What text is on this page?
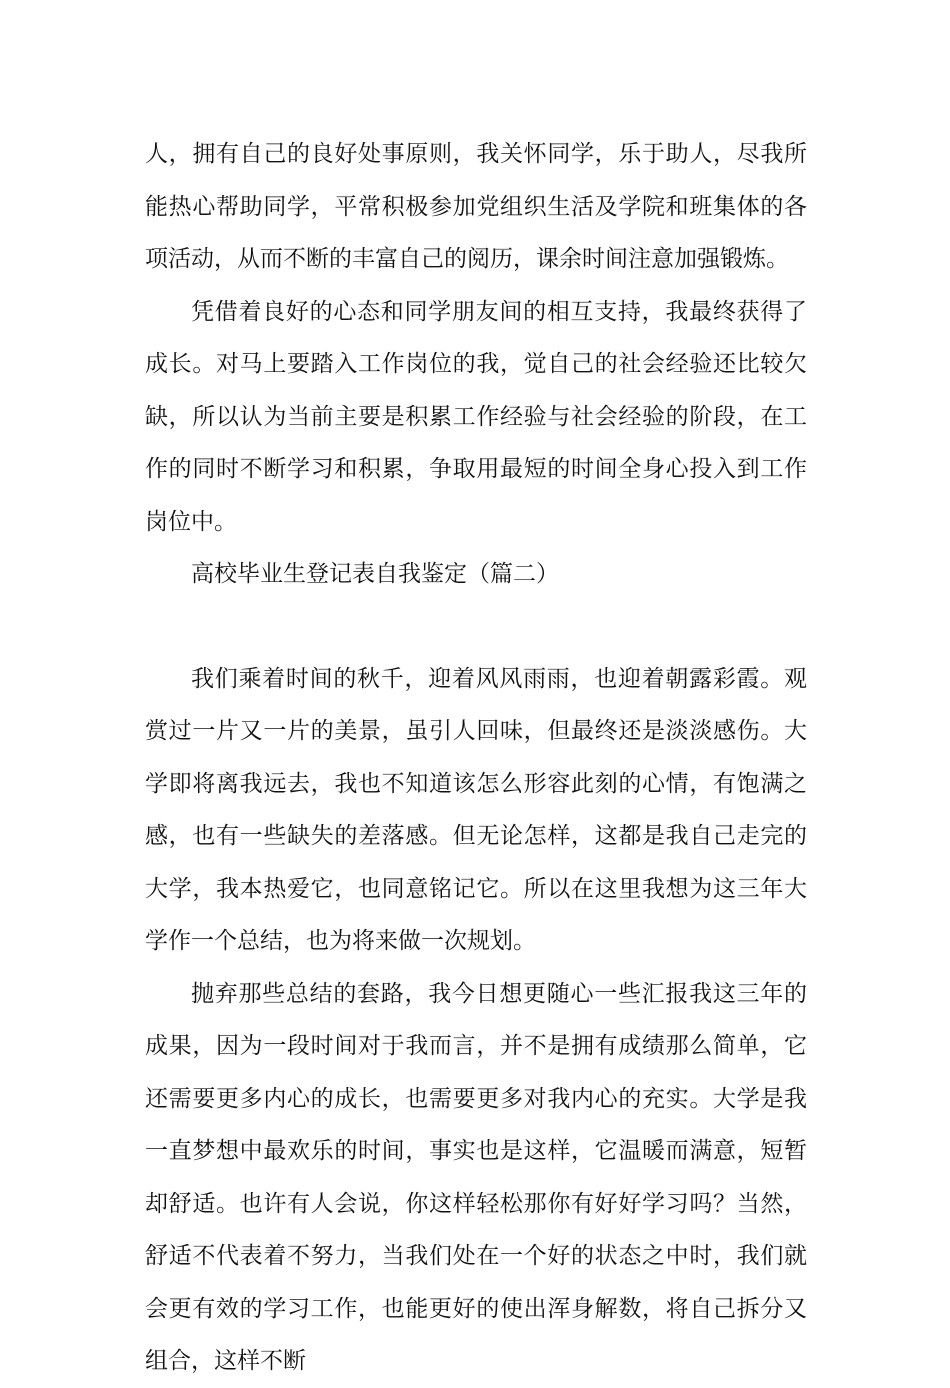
人，拥有自己的良好处事原则，我关怀同学，乐于助人，尽我所能热心帮助同学，平常积极参加党组织生活及学院和班集体的各项活动，从而不断的丰富自己的阅历，课余时间注意加强锻炼。

凭借着良好的心态和同学朋友间的相互支持，我最终获得了成长。对马上要踏入工作岗位的我，觉自己的社会经验还比较欠缺，所以认为当前主要是积累工作经验与社会经验的阶段，在工作的同时不断学习和积累，争取用最短的时间全身心投入到工作岗位中。

高校毕业生登记表自我鉴定（篇二）

我们乘着时间的秋千，迎着风风雨雨，也迎着朝露彩霞。观赏过一片又一片的美景，虽引人回味，但最终还是淡淡感伤。大学即将离我远去，我也不知道该怎么形容此刻的心情，有饱满之感，也有一些缺失的差落感。但无论怎样，这都是我自己走完的大学，我本热爱它，也同意铭记它。所以在这里我想为这三年大学作一个总结，也为将来做一次规划。

抛弃那些总结的套路，我今日想更随心一些汇报我这三年的成果，因为一段时间对于我而言，并不是拥有成绩那么简单，它还需要更多内心的成长，也需要更多对我内心的充实。大学是我一直梦想中最欢乐的时间，事实也是这样，它温暖而满意，短暂却舒适。也许有人会说，你这样轻松那你有好好学习吗？当然，舒适不代表着不努力，当我们处在一个好的状态之中时，我们就会更有效的学习工作，也能更好的使出浑身解数，将自己拆分又组合，这样不断
